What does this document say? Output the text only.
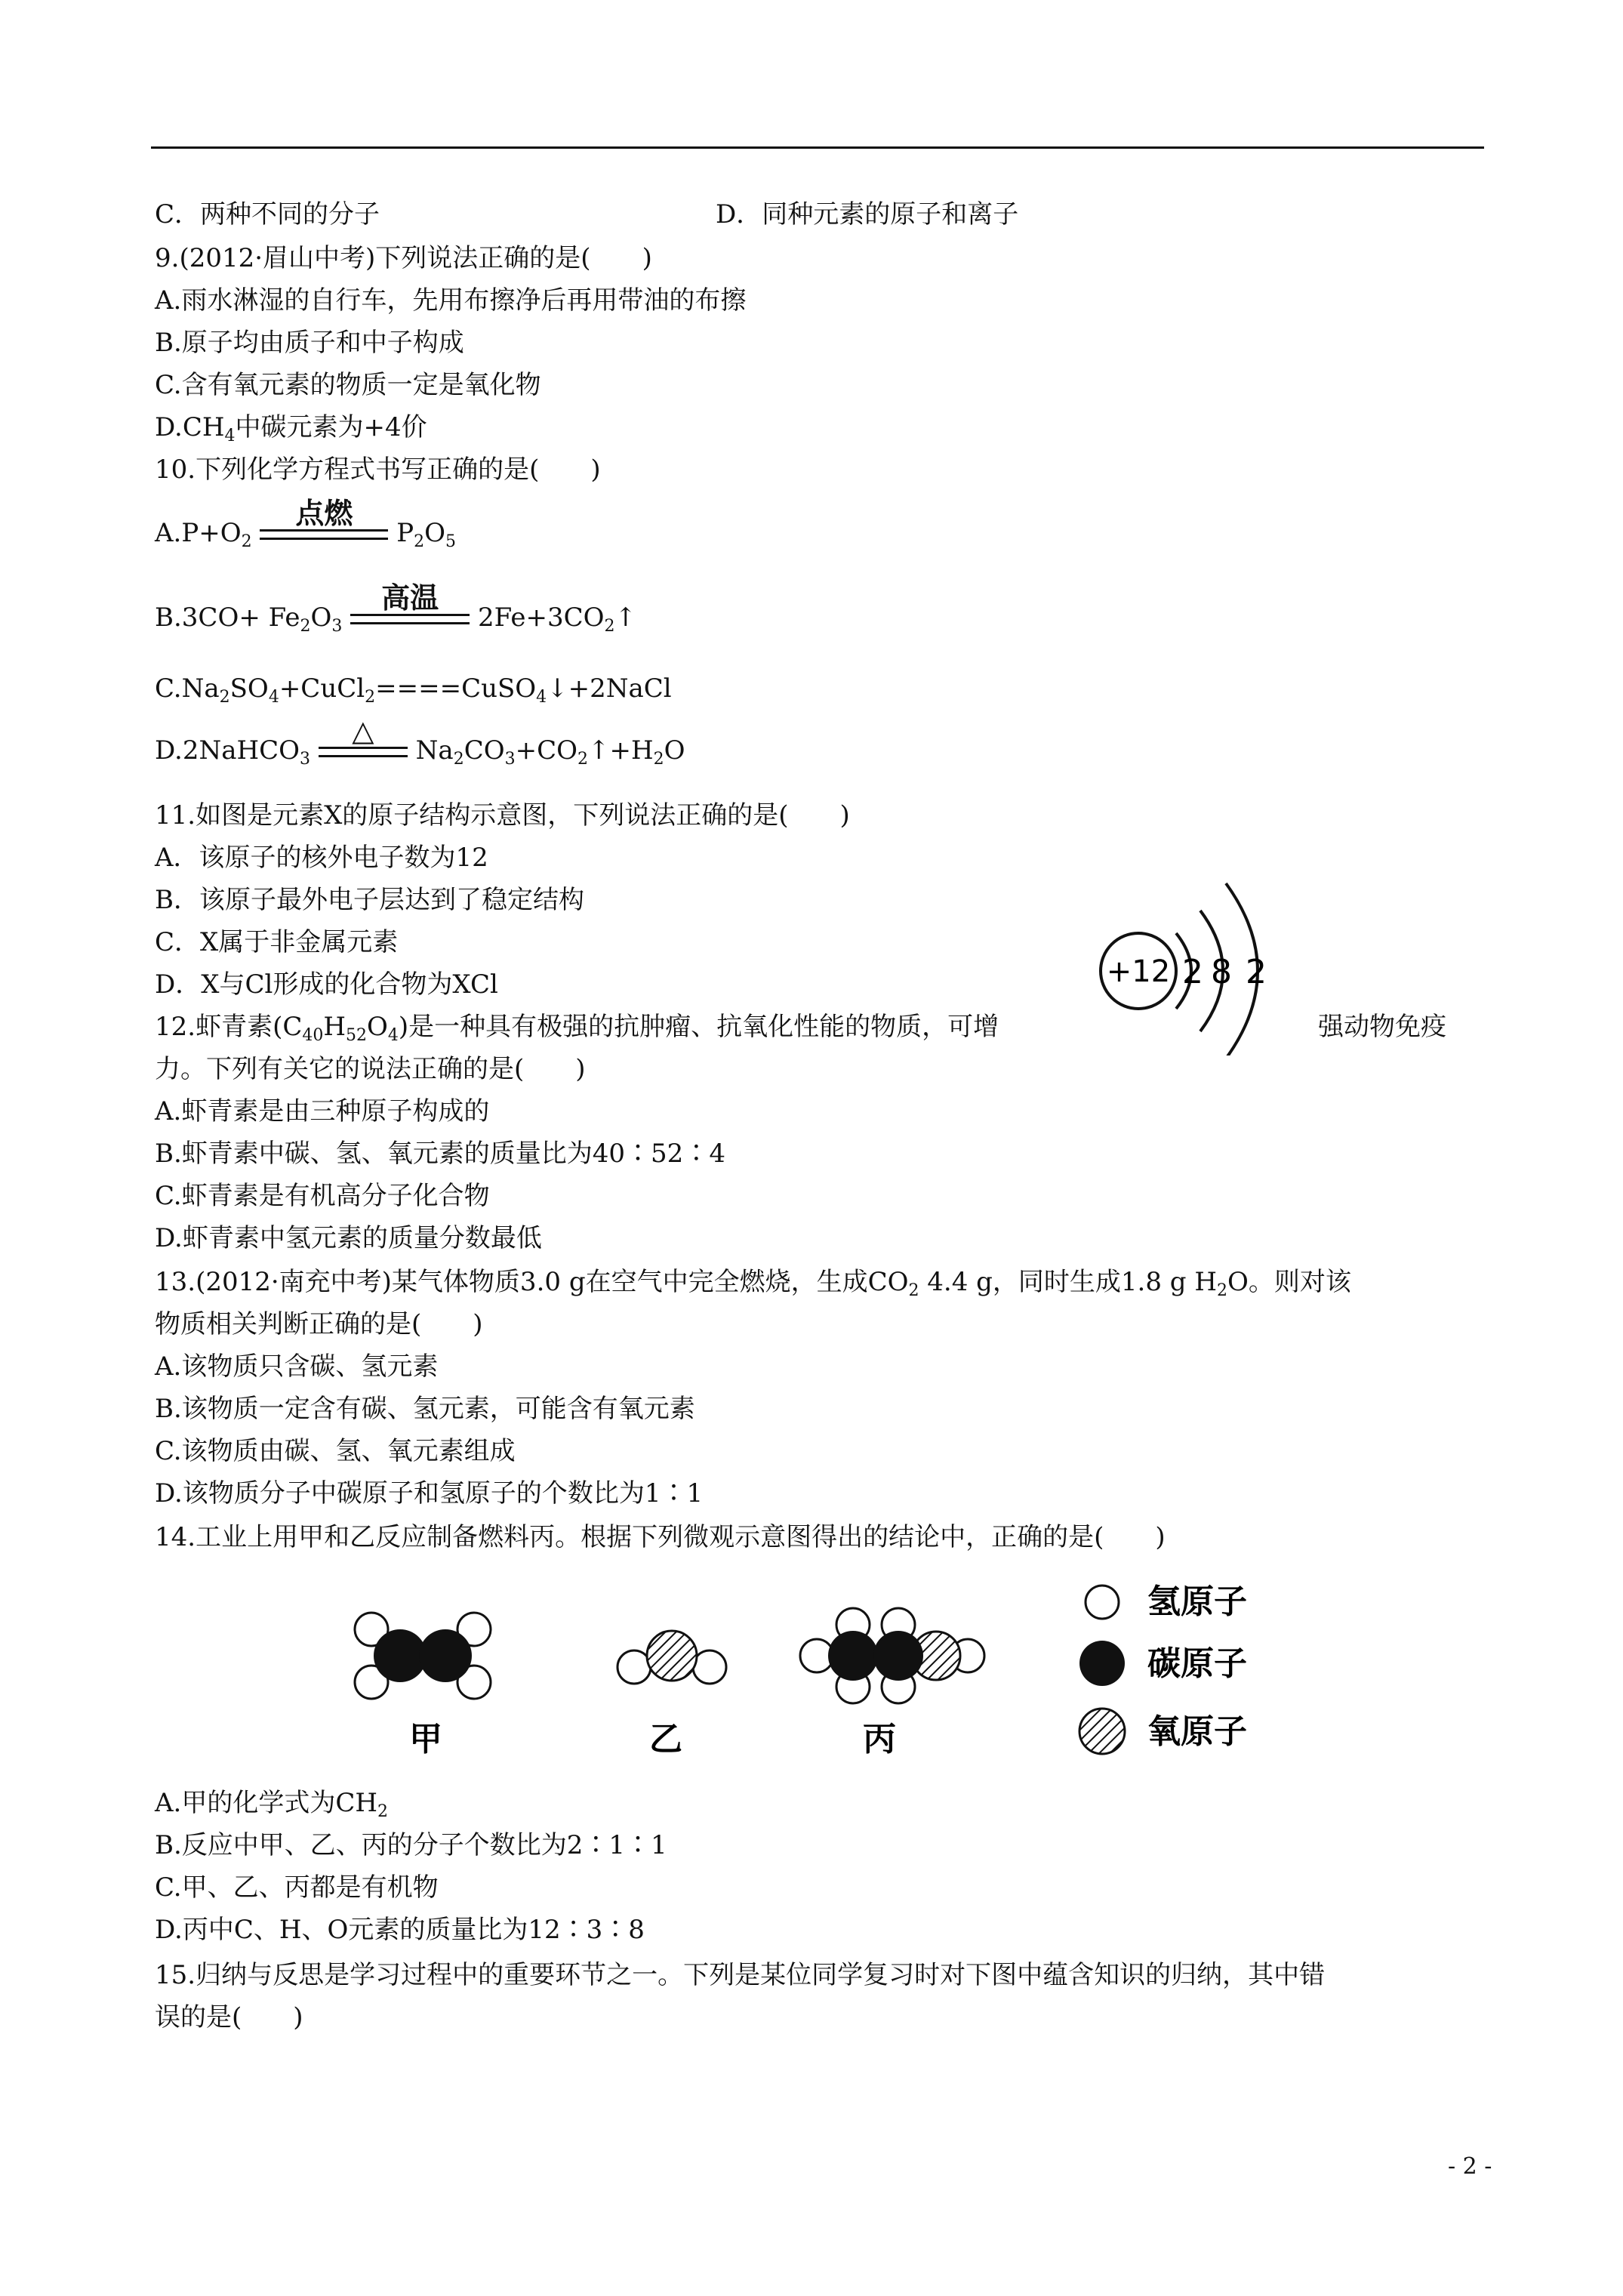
C．两种不同的分子	D．同种元素的原子和离子
9.(2012·眉山中考)下列说法正确的是(　　)
A.雨水淋湿的自行车，先用布擦净后再用带油的布擦
B.原子均由质子和中子构成
C.含有氧元素的物质一定是氧化物
$D.CH_4$中碳元素为+4价
10.下列化学方程式书写正确的是(　　)
$A.P+O_2$
点燃
$P_2O_5$
$B.3CO+ Fe_2O_3$
高温
$2Fe+3CO_2↑$
$C.Na_2SO_4+CuCl_2====CuSO_4↓+2NaCl$
D.2NaHCO$_3$
△
$Na_2CO_3+CO_2↑+H_2O$
11.如图是元素X的原子结构示意图，下列说法正确的是(　　)
A．该原子的核外电子数为12
B．该原子最外电子层达到了稳定结构
C．X属于非金属元素
D．X与Cl形成的化合物为XCl	+12 2 8 2
12.虾青素$(C_{40}H_{52}O_4)$是一种具有极强的抗肿瘤、抗氧化性能的物质，可增	强动物免疫
力。下列有关它的说法正确的是(　　)
A.虾青素是由三种原子构成的
B.虾青素中碳、氢、氧元素的质量比为40∶52∶4
C.虾青素是有机高分子化合物
D.虾青素中氢元素的质量分数最低
13.(2012·南充中考)某气体物质3.0 g在空气中完全燃烧，生成$CO_2$ 4.4 g，同时生成1.8 g $H_2O$。则对该
物质相关判断正确的是(　　)
A.该物质只含碳、氢元素
B.该物质一定含有碳、氢元素，可能含有氧元素
C.该物质由碳、氢、氧元素组成
D.该物质分子中碳原子和氢原子的个数比为1∶1
14.工业上用甲和乙反应制备燃料丙。根据下列微观示意图得出的结论中，正确的是(　　)
甲	乙	丙
氢原子
碳原子
氧原子
A.甲的化学式为$CH_2$
B.反应中甲、乙、丙的分子个数比为2∶1∶1
C.甲、乙、丙都是有机物
D.丙中C、H、O元素的质量比为12∶3∶8
15.归纳与反思是学习过程中的重要环节之一。下列是某位同学复习时对下图中蕴含知识的归纳，其中错
误的是(　　)
- 2 -
